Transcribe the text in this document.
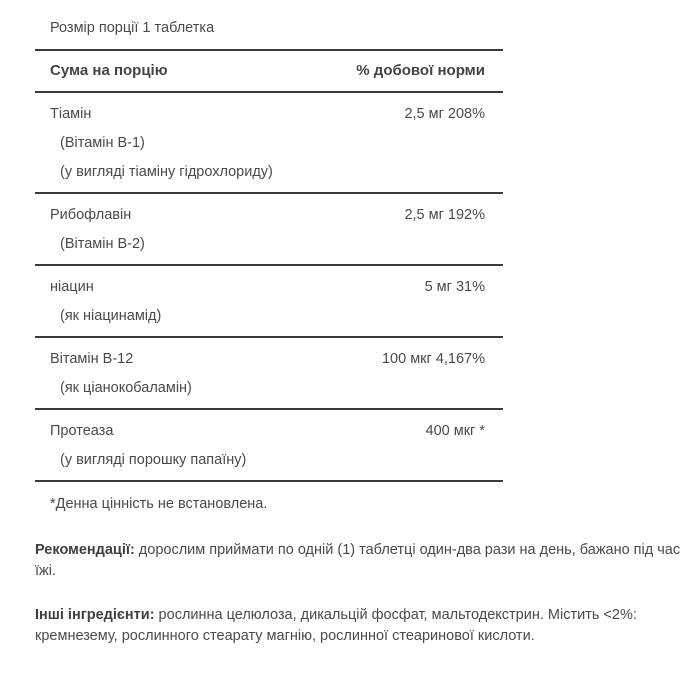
Розмір порції 1 таблетка

Сума на порцію	% добової норми

Тіамін	2,5 мг 208%
(Вітамін B-1)	
(у вигляді тіаміну гідрохлориду)	

Рибофлавін	2,5 мг 192%
(Вітамін B-2)	

ніацин	5 мг 31%
(як ніацинамід)	

Вітамін B-12	100 мкг 4,167%
(як ціанокобаламін)	

Протеаза	400 мкг *
(у вигляді порошку папаїну)	

*Денна цінність не встановлена.

Рекомендації: дорослим приймати по одній (1) таблетці один-два рази на день, бажано під час їжі.

Інші інгредієнти: рослинна целюлоза, дикальцій фосфат, мальтодекстрин. Містить <2%: кремнезему, рослинного стеарату магнію, рослинної стеаринової кислоти.
